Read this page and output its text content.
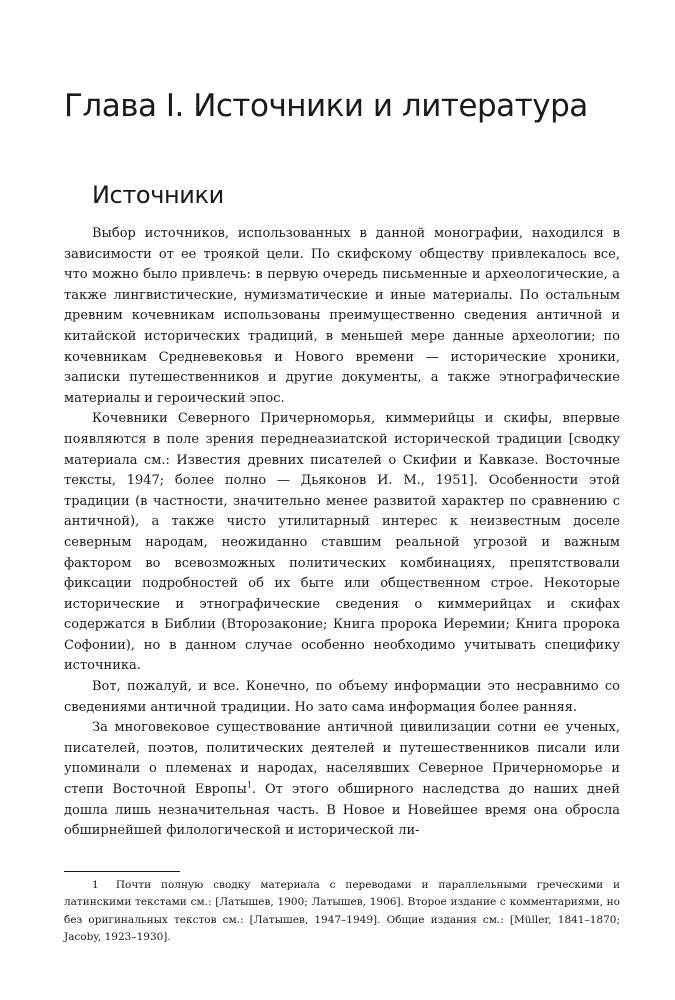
Глава I. Источники и литература
Источники

Выбор источников, использованных в данной монографии, находился в зависимости от ее троякой цели. По скифскому обществу привлекалось все, что можно было привлечь: в первую очередь письменные и археологические, а также лингвистические, нумизматические и иные материалы. По остальным древним кочевникам использованы преимущественно сведения античной и китайской исторических традиций, в меньшей мере данные археологии; по кочевникам Средневековья и Нового времени — исторические хроники, записки путешественников и другие документы, а также этнографические материалы и героический эпос.

Кочевники Северного Причерноморья, киммерийцы и скифы, впервые появляются в поле зрения переднеазиатской исторической традиции [сводку материала см.: Известия древних писателей о Скифии и Кавказе. Восточные тексты, 1947; более полно — Дьяконов И. М., 1951]. Особенности этой традиции (в частности, значительно менее развитой характер по сравнению с античной), а также чисто утилитарный интерес к неизвестным доселе северным народам, неожиданно ставшим реальной угрозой и важным фактором во всевозможных политических комбинациях, препятствовали фиксации подробностей об их быте или общественном строе. Некоторые исторические и этнографические сведения о киммерийцах и скифах содержатся в Библии (Второзаконие; Книга пророка Иеремии; Книга пророка Софонии), но в данном случае особенно необходимо учитывать специфику источника.

Вот, пожалуй, и все. Конечно, по объему информации это несравнимо со сведениями античной традиции. Но зато сама информация более ранняя.

За многовековое существование античной цивилизации сотни ее ученых, писателей, поэтов, политических деятелей и путешественников писали или упоминали о племенах и народах, населявших Северное Причерноморье и степи Восточной Европы$^1$. От этого обширного наследства до наших дней дошла лишь незначительная часть. В Новое и Новейшее время она обросла обширнейшей филологической и исторической ли-

1 Почти полную сводку материала с переводами и параллельными греческими и латинскими текстами см.: [Латышев, 1900; Латышев, 1906]. Второе издание с комментариями, но без оригинальных текстов см.: [Латышев, 1947–1949]. Общие издания см.: [Müller, 1841–1870; Jacoby, 1923–1930].
